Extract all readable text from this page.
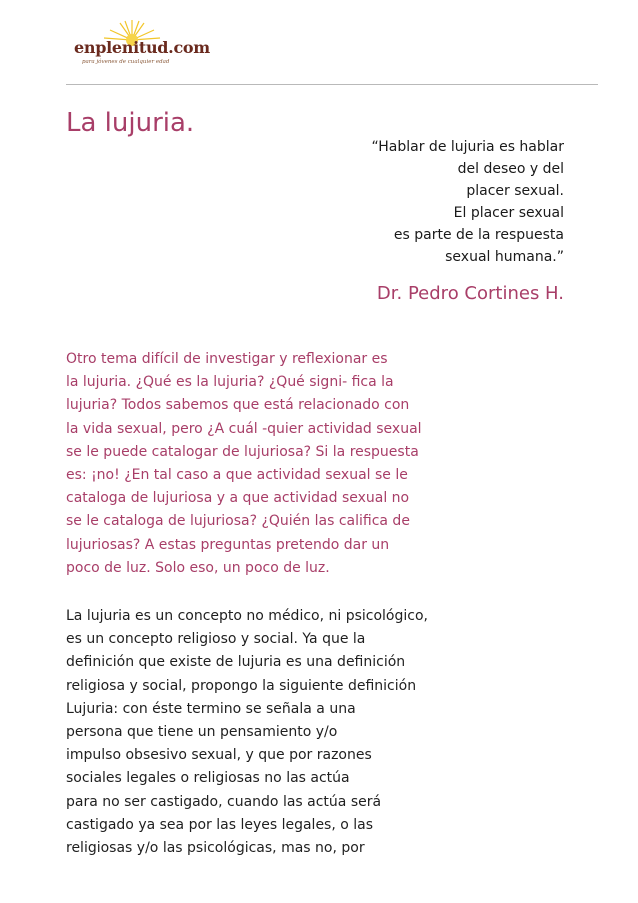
enplenitud.com
para jóvenes de cualquier edad
La lujuria.
“Hablar de lujuria es hablar
del deseo y del
placer sexual.
El placer sexual
es parte de la respuesta
sexual humana.”
Dr. Pedro Cortines H.
Otro tema difícil de investigar y reflexionar es
la lujuria. ¿Qué es la lujuria? ¿Qué signi- fica la
lujuria? Todos sabemos que está relacionado con
la vida sexual, pero ¿A cuál -quier actividad sexual
se le puede catalogar de lujuriosa? Si la respuesta
es: ¡no! ¿En tal caso a que actividad sexual se le
cataloga de lujuriosa y a que actividad sexual no
se le cataloga de lujuriosa? ¿Quién las califica de
lujuriosas? A estas preguntas pretendo dar un
poco de luz. Solo eso, un poco de luz.
La lujuria es un concepto no médico, ni psicológico,
es un concepto religioso y social. Ya que la
definición que existe de lujuria es una definición
religiosa y social, propongo la siguiente definición
Lujuria: con éste termino se señala a una
persona que tiene un pensamiento y/o
impulso obsesivo sexual, y que por razones
sociales legales o religiosas no las actúa
para no ser castigado, cuando las actúa será
castigado ya sea por las leyes legales, o las
religiosas y/o las psicológicas, mas no, por
